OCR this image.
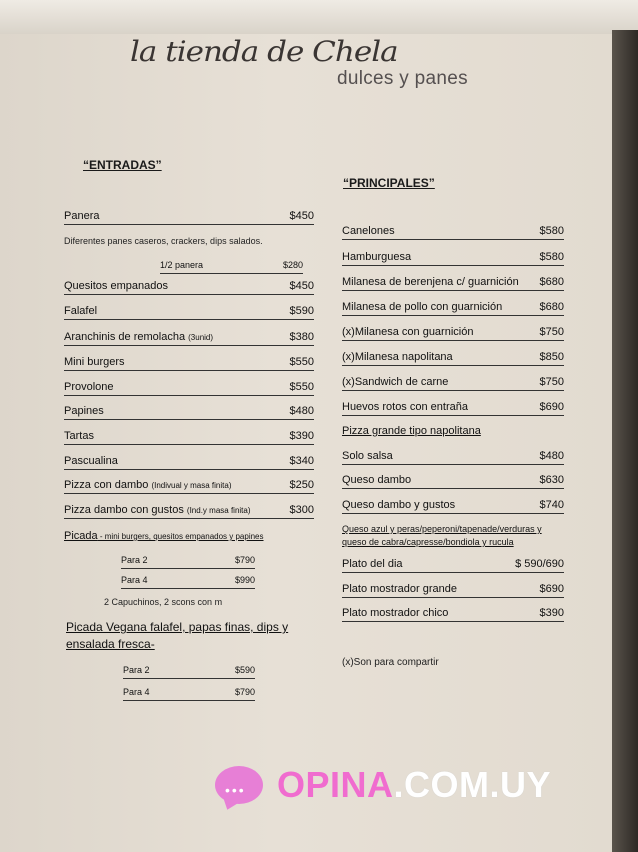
la tienda de Chela
dulces y panes
“ENTRADAS”
Panera	$450
Diferentes panes caseros, crackers, dips salados.
1/2 panera	$280
Quesitos empanados	$450
Falafel	$590
Aranchinis de remolacha (3unid)	$380
Mini burgers	$550
Provolone	$550
Papines	$480
Tartas	$390
Pascualina	$340
Pizza con dambo (Indivual y masa finita)	$250
Pizza dambo con gustos (Ind.y masa finita)	$300
Picada - mini burgers, quesitos empanados y papines
Para 2	$790
Para 4	$990
2 Capuchinos, 2 scons con m
Picada Vegana falafel, papas finas, dips y ensalada fresca-
Para 2	$590
Para 4	$790
“PRINCIPALES”
Canelones	$580
Hamburguesa	$580
Milanesa de berenjena c/ guarnición $680
Milanesa de pollo con guarnición	$680
(x)Milanesa con guarnición	$750
(x)Milanesa napolitana	$850
(x)Sandwich de carne	$750
Huevos rotos con entraña	$690
Pizza grande tipo napolitana
Solo salsa	$480
Queso dambo	$630
Queso dambo y gustos	$740
Queso azul y peras/peperoni/tapenade/verduras y queso de cabra/capresse/bondiola y rucula
Plato del dia	$ 590/690
Plato mostrador grande	$690
Plato mostrador chico	$390
(x)Son para compartir
••• OPINA.COM.UY
